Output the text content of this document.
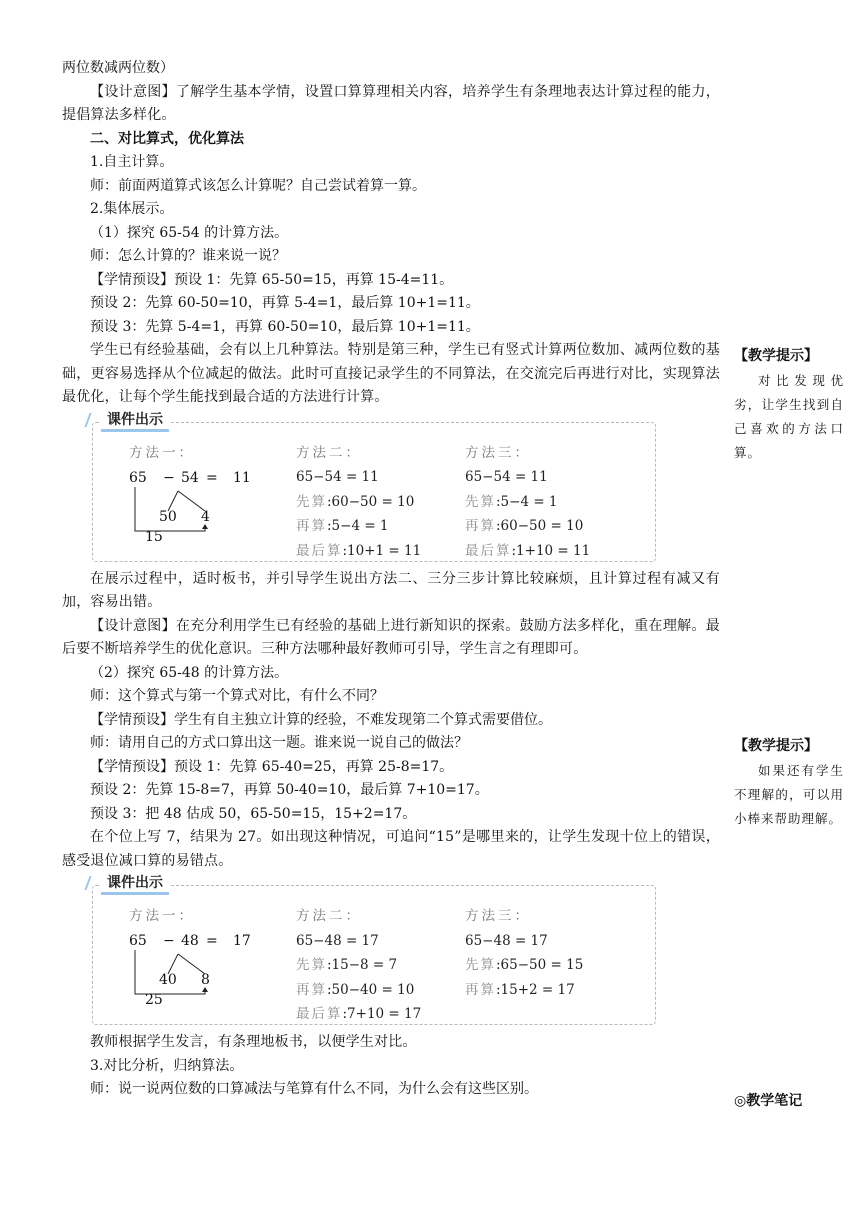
两位数减两位数）

【设计意图】了解学生基本学情，设置口算算理相关内容，培养学生有条理地表达计算过程的能力，提倡算法多样化。

二、对比算式，优化算法

1.自主计算。

师：前面两道算式该怎么计算呢？自己尝试着算一算。

2.集体展示。

（1）探究 65-54 的计算方法。

师：怎么计算的？谁来说一说？

【学情预设】预设 1：先算 65-50=15，再算 15-4=11。

预设 2：先算 60-50=10，再算 5-4=1，最后算 10+1=11。

预设 3：先算 5-4=1，再算 60-50=10，最后算 10+1=11。

学生已有经验基础，会有以上几种算法。特别是第三种，学生已有竖式计算两位数加、减两位数的基础，更容易选择从个位减起的做法。此时可直接记录学生的不同算法，在交流完后再进行对比，实现算法最优化，让每个学生能找到最合适的方法进行计算。

课件出示
方法一：
65 − 54 = 11
50 4
15
方法二：
65−54 = 11
先算:60−50 = 10
再算:5−4 = 1
最后算:10+1 = 11
方法三：
65−54 = 11
先算:5−4 = 1
再算:60−50 = 10
最后算:1+10 = 11

在展示过程中，适时板书，并引导学生说出方法二、三分三步计算比较麻烦，且计算过程有减又有加，容易出错。

【设计意图】在充分利用学生已有经验的基础上进行新知识的探索。鼓励方法多样化，重在理解。最后要不断培养学生的优化意识。三种方法哪种最好教师可引导，学生言之有理即可。

（2）探究 65-48 的计算方法。

师：这个算式与第一个算式对比，有什么不同？

【学情预设】学生有自主独立计算的经验，不难发现第二个算式需要借位。

师：请用自己的方式口算出这一题。谁来说一说自己的做法？

【学情预设】预设 1：先算 65-40=25，再算 25-8=17。

预设 2：先算 15-8=7，再算 50-40=10，最后算 7+10=17。

预设 3：把 48 估成 50，65-50=15，15+2=17。

在个位上写 7，结果为 27。如出现这种情况，可追问“15”是哪里来的，让学生发现十位上的错误，感受退位减口算的易错点。

课件出示
方法一：
65 − 48 = 17
40 8
25
方法二：
65−48 = 17
先算:15−8 = 7
再算:50−40 = 10
最后算:7+10 = 17
方法三：
65−48 = 17
先算:65−50 = 15
再算:15+2 = 17

教师根据学生发言，有条理地板书，以便学生对比。

3.对比分析，归纳算法。

师：说一说两位数的口算减法与笔算有什么不同，为什么会有这些区别。

【教学提示】
对比发现优劣，让学生找到自己喜欢的方法口算。
【教学提示】
如果还有学生不理解的，可以用小棒来帮助理解。
◎教学笔记
